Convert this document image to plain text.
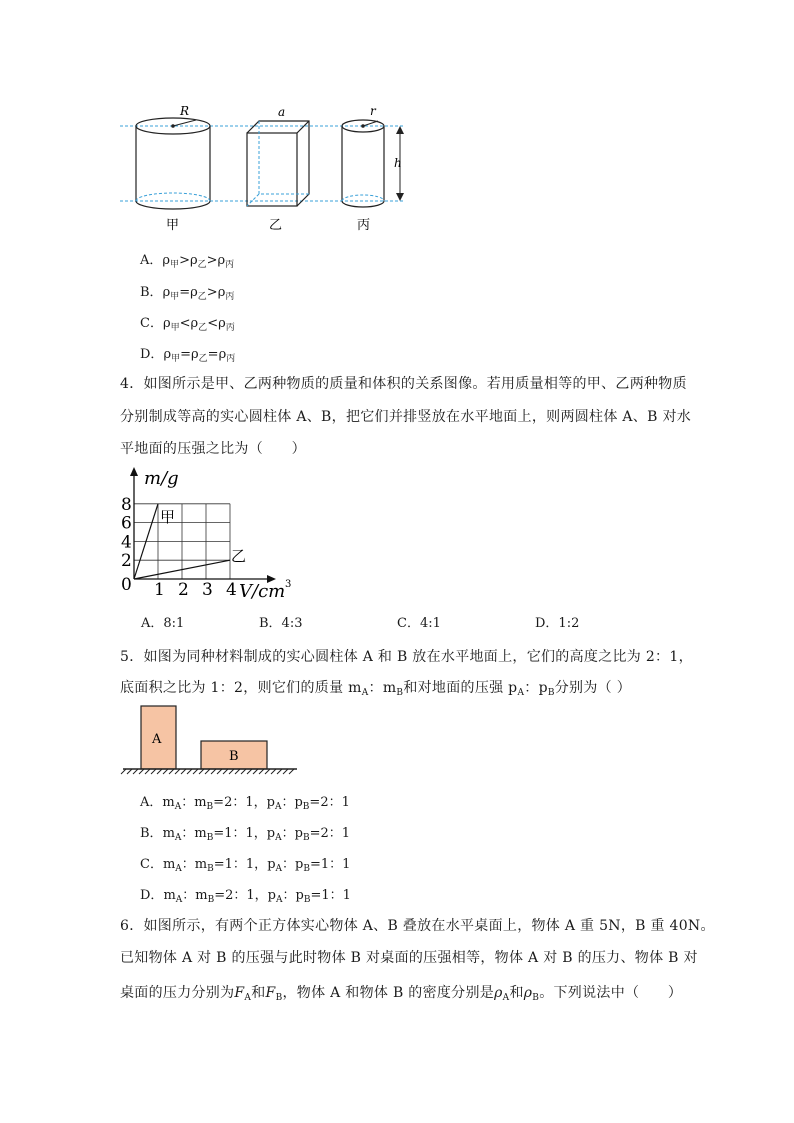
R	a	r
h
甲	乙	丙
A．$\rho_甲>\rho_乙>\rho_丙$
B．$\rho_甲=\rho_乙>\rho_丙$
C．$\rho_甲<\rho_乙<\rho_丙$
D．$\rho_甲=\rho_乙=\rho_丙$
4．如图所示是甲、乙两种物质的质量和体积的关系图像。若用质量相等的甲、乙两种物质
分别制成等高的实心圆柱体 A、B，把它们并排竖放在水平地面上，则两圆柱体 A、B 对水
平地面的压强之比为（　　）
甲
乙
1 2 3 4
2
4
6
8
m/g
V/cm 3
0
A．8:1	B．4:3	C．4:1	D．1:2
5．如图为同种材料制成的实心圆柱体 A 和 B 放在水平地面上，它们的高度之比为 2：1，
底面积之比为 1：2，则它们的质量 $m_A$：$m_B$和对地面的压强 $p_A$：$p_B$分别为（ ）
A
B
A．$m_A$：$m_B=2$：1，$p_A$：$p_B=2$：1
B．$m_A$：$m_B=1$：1，$p_A$：$p_B=2$：1
C．$m_A$：$m_B=1$：1，$p_A$：$p_B=1$：1
D．$m_A$：$m_B=2$：1，$p_A$：$p_B=1$：1
6．如图所示，有两个正方体实心物体 A、B 叠放在水平桌面上，物体 A 重 5N，B 重 40N。
已知物体 A 对 B 的压强与此时物体 B 对桌面的压强相等，物体 A 对 B 的压力、物体 B 对
桌面的压力分别为$F_A$和$F_B$，物体 A 和物体 B 的密度分别是$\rho_A$和$\rho_B$。下列说法中（　　）
